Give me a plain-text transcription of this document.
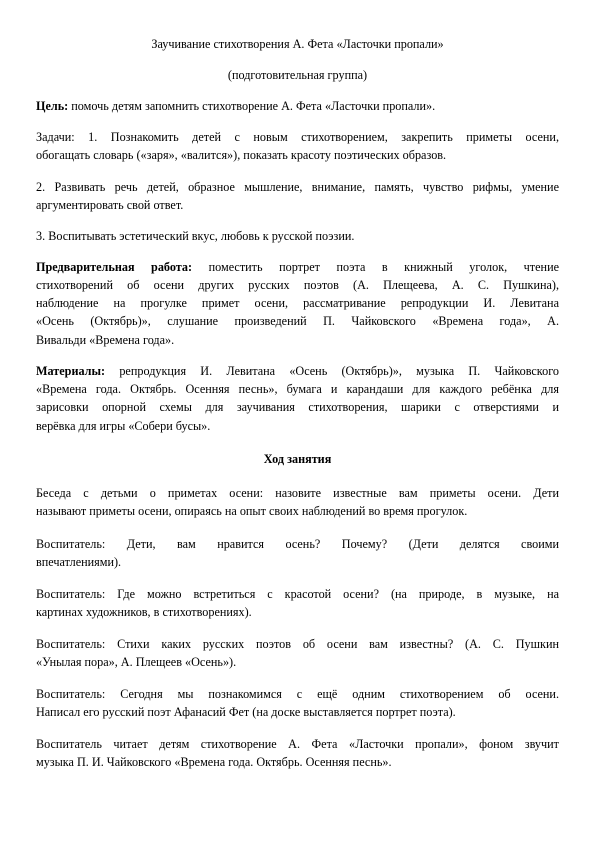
Заучивание стихотворения А. Фета «Ласточки пропали»

(подготовительная группа)

Цель: помочь детям запомнить стихотворение А. Фета «Ласточки пропали».

Задачи: 1. Познакомить детей с новым стихотворением, закрепить приметы осени,

обогащать словарь («заря», «валится»), показать красоту поэтических образов.

2. Развивать речь детей, образное мышление, внимание, память, чувство рифмы, умение

аргументировать свой ответ.

3. Воспитывать эстетический вкус, любовь к русской поэзии.

Предварительная работа: поместить портрет поэта в книжный уголок, чтение

стихотворений об осени других русских поэтов (А. Плещеева, А. С. Пушкина),

наблюдение на прогулке примет осени, рассматривание репродукции И. Левитана

«Осень (Октябрь)», слушание произведений П. Чайковского «Времена года», А.

Вивальди «Времена года».

Материалы: репродукция И. Левитана «Осень (Октябрь)», музыка П. Чайковского

«Времена года. Октябрь. Осенняя песнь», бумага и карандаши для каждого ребёнка для

зарисовки опорной схемы для заучивания стихотворения, шарики с отверстиями и

верёвка для игры «Собери бусы».

Ход занятия

Беседа с детьми о приметах осени: назовите известные вам приметы осени. Дети

называют приметы осени, опираясь на опыт своих наблюдений во время прогулок.

Воспитатель: Дети, вам нравится осень? Почему? (Дети делятся своими

впечатлениями).

Воспитатель: Где можно встретиться с красотой осени? (на природе, в музыке, на

картинах художников, в стихотворениях).

Воспитатель: Стихи каких русских поэтов об осени вам известны? (А. С. Пушкин

«Унылая пора», А. Плещеев «Осень»).

Воспитатель: Сегодня мы познакомимся с ещё одним стихотворением об осени.

Написал его русский поэт Афанасий Фет (на доске выставляется портрет поэта).

Воспитатель читает детям стихотворение А. Фета «Ласточки пропали», фоном звучит

музыка П. И. Чайковского «Времена года. Октябрь. Осенняя песнь».
